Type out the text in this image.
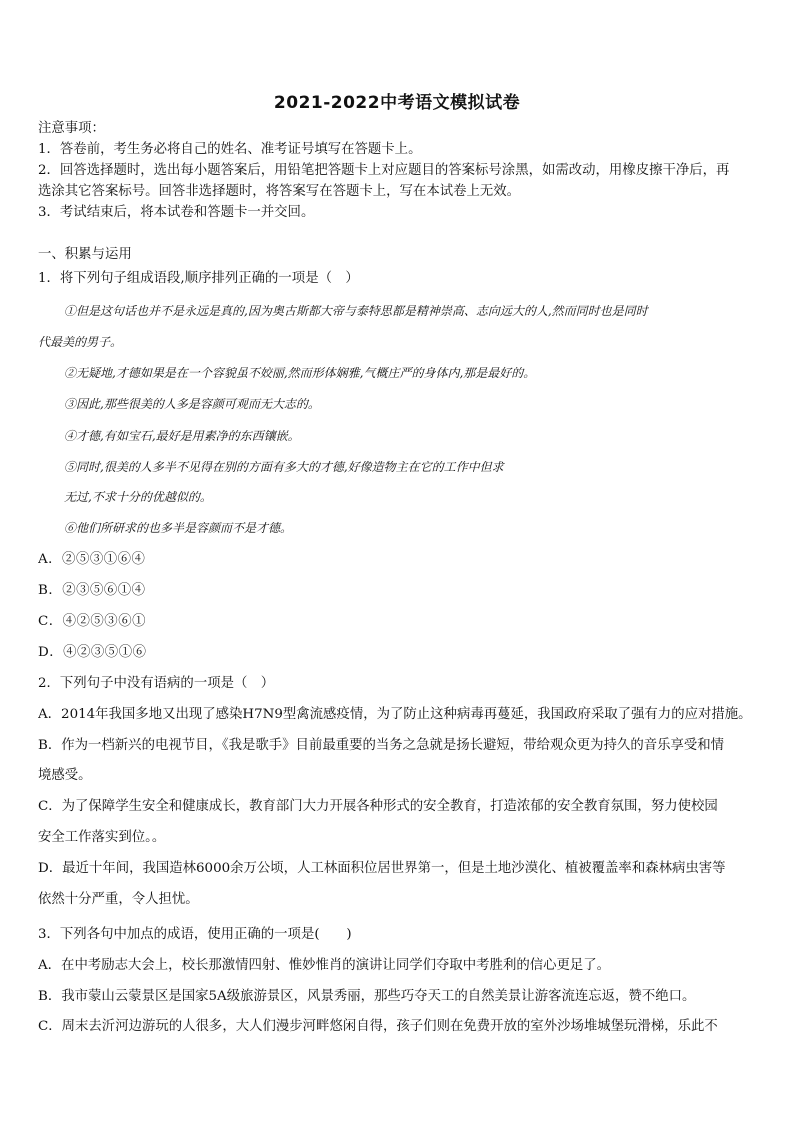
2021-2022中考语文模拟试卷
注意事项：
1．答卷前，考生务必将自己的姓名、准考证号填写在答题卡上。
2．回答选择题时，选出每小题答案后，用铅笔把答题卡上对应题目的答案标号涂黑，如需改动，用橡皮擦干净后，再
选涂其它答案标号。回答非选择题时，将答案写在答题卡上，写在本试卷上无效。
3．考试结束后，将本试卷和答题卡一并交回。
一、积累与运用
1．将下列句子组成语段,顺序排列正确的一项是（　）
①但是这句话也并不是永远是真的,因为奥古斯都大帝与泰特思都是精神崇高、志向远大的人,然而同时也是同时
代最美的男子。
②无疑地,才德如果是在一个容貌虽不姣丽,然而形体娴雅,气概庄严的身体内,那是最好的。
③因此,那些很美的人多是容颜可观而无大志的。
④才德,有如宝石,最好是用素净的东西镶嵌。
⑤同时,很美的人多半不见得在别的方面有多大的才德,好像造物主在它的工作中但求
无过,不求十分的优越似的。
⑥他们所研求的也多半是容颜而不是才德。
A．②⑤③①⑥④
B．②③⑤⑥①④
C．④②⑤③⑥①
D．④②③⑤①⑥
2．下列句子中没有语病的一项是（　）
A．2014年我国多地又出现了感染H7N9型禽流感疫情，为了防止这种病毒再蔓延，我国政府采取了强有力的应对措施。
B．作为一档新兴的电视节目，《我是歌手》目前最重要的当务之急就是扬长避短，带给观众更为持久的音乐享受和情
境感受。
C．为了保障学生安全和健康成长，教育部门大力开展各种形式的安全教育，打造浓郁的安全教育氛围，努力使校园
安全工作落实到位。。
D．最近十年间，我国造林6000余万公顷，人工林面积位居世界第一，但是土地沙漠化、植被覆盖率和森林病虫害等
依然十分严重，令人担忧。
3．下列各句中加点的成语，使用正确的一项是(　　)
A．在中考励志大会上，校长那激情四射、惟妙惟肖的演讲让同学们夺取中考胜利的信心更足了。
B．我市蒙山云蒙景区是国家5A级旅游景区，风景秀丽，那些巧夺天工的自然美景让游客流连忘返，赞不绝口。
C．周末去沂河边游玩的人很多，大人们漫步河畔悠闲自得，孩子们则在免费开放的室外沙场堆城堡玩滑梯，乐此不
